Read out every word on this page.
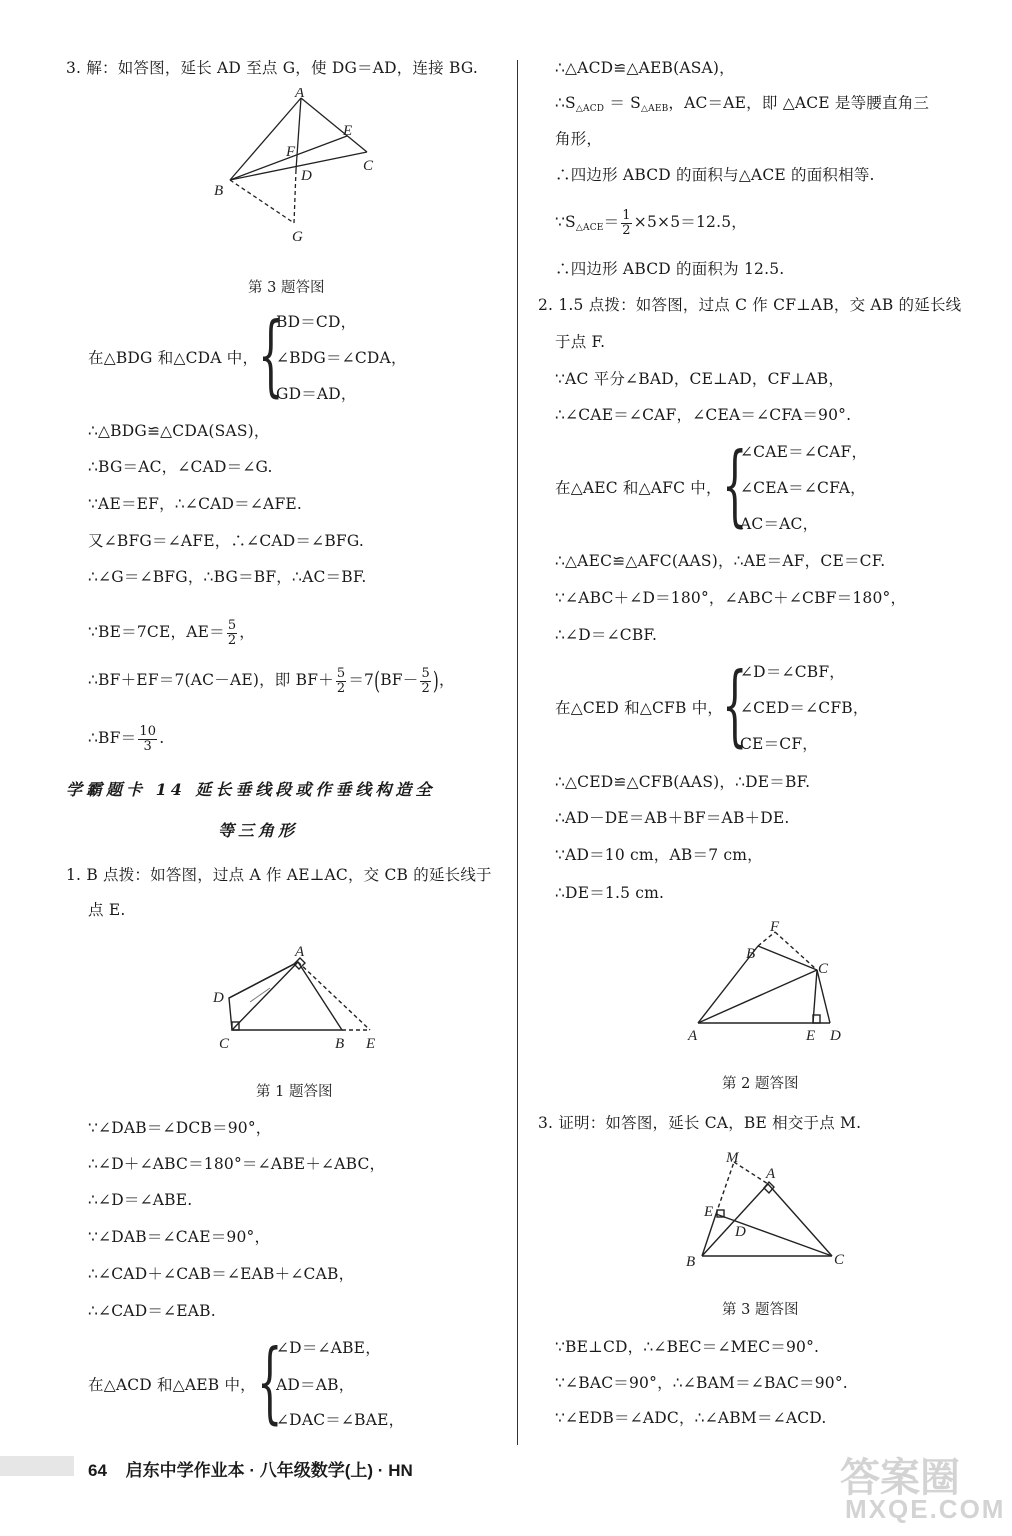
3. 解：如答图，延长 AD 至点 G，使 DG＝AD，连接 BG.
A
E
F
C
D
B
G
第 3 题答图
在△BDG 和△CDA 中， {
BD＝CD，
∠BDG＝∠CDA，
GD＝AD，
∴△BDG≌△CDA(SAS)，
∴BG＝AC，∠CAD＝∠G.
∵AE＝EF，∴∠CAD＝∠AFE.
又∠BFG＝∠AFE，∴∠CAD＝∠BFG.
∴∠G＝∠BFG，∴BG＝BF，∴AC＝BF.
∵BE＝7CE，$AE= \frac{5}{2}$ ，
∴BF＋EF＝7(AC－AE)，即 $BF+ \frac{5}{2} =7(BF- \frac{5}{2}$ )，
∴BF＝ $\frac{10}{3}$ .
学霸题卡 14 延长垂线段或作垂线构造全
等三角形
1. B 点拨：如答图，过点 A 作 AE⊥AC，交 CB 的延长线于
点 E.
A
D
C	B E
第 1 题答图
∵∠DAB＝∠DCB＝90°，
∴∠D＋∠ABC＝180°＝∠ABE＋∠ABC，
∴∠D＝∠ABE.
∵∠DAB＝∠CAE＝90°，
∴∠CAD＋∠CAB＝∠EAB＋∠CAB，
∴∠CAD＝∠EAB.
在△ACD 和△AEB 中， {
∠D＝∠ABE，
AD＝AB，
∠DAC＝∠BAE，
∴△ACD≌△AEB(ASA)，
$\therefore S_{\triangle ACD} = S_{\triangle AEB}$，AC＝AE，即 △ACE 是等腰直角三
角形，
∴四边形 ABCD 的面积与△ACE 的面积相等.
$\because S_{\triangle ACE}= \frac{1}{2} \times 5\times 5=12.5$，
∴四边形 ABCD 的面积为 12.5.
2. 1.5 点拨：如答图，过点 C 作 CF⊥AB，交 AB 的延长线
于点 F.
∵AC 平分∠BAD，CE⊥AD，CF⊥AB，
∴∠CAE＝∠CAF，∠CEA＝∠CFA＝90°.
在△AEC 和△AFC 中， {
∠CAE＝∠CAF，
∠CEA＝∠CFA，
AC＝AC，
∴△AEC≌△AFC(AAS)，∴AE＝AF，CE＝CF.
∵∠ABC＋∠D＝180°，∠ABC＋∠CBF＝180°，
∴∠D＝∠CBF.
在△CED 和△CFB 中，
{
∠D＝∠CBF，
∠CED＝∠CFB，
CE＝CF，
∴△CED≌△CFB(AAS)，∴DE＝BF.
∴AD－DE＝AB＋BF＝AB＋DE.
∵AD＝10 cm，AB＝7 cm，
∴DE＝1.5 cm.
F
B
C
A	E D
第 2 题答图
3. 证明：如答图，延长 CA，BE 相交于点 M.
M
A
E
D
B	C
第 3 题答图
∵BE⊥CD，∴∠BEC＝∠MEC＝90°.
∵∠BAC＝90°，∴∠BAM＝∠BAC＝90°.
∵∠EDB＝∠ADC，∴∠ABM＝∠ACD.
64 启东中学作业本 · 八年级数学(上) · HN	答案圈
MXQE.COM
